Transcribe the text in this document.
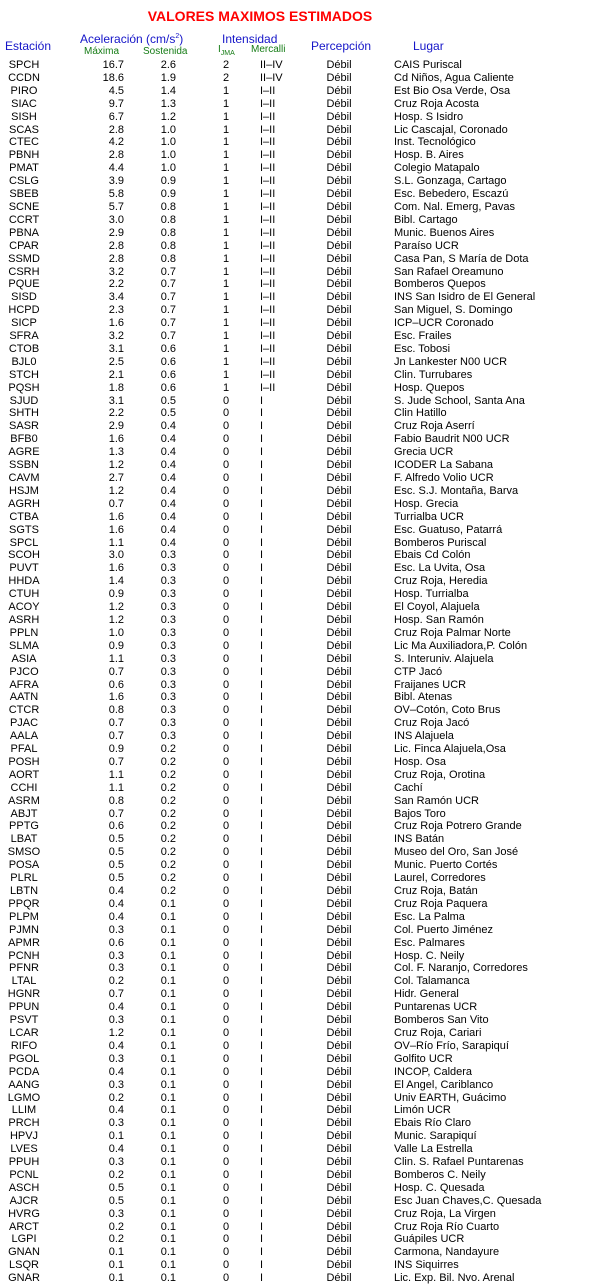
VALORES MAXIMOS ESTIMADOS
Estación Aceleración $(cm/s^2)$
Máxima Sostenida
Intensidad
$I_{JMA}$ Mercalli Percepción	Lugar
SPCH	16.7	2.6	2	II–IV	Débil	CAIS Puriscal
CCDN	18.6	1.9	2	II–IV	Débil	Cd Niños, Agua Caliente
PIRO	4.5	1.4	1	I–II	Débil	Est Bio Osa Verde, Osa
SIAC	9.7	1.3	1	I–II	Débil	Cruz Roja Acosta
SISH	6.7	1.2	1	I–II	Débil	Hosp. S Isidro
SCAS	2.8	1.0	1	I–II	Débil	Lic Cascajal, Coronado
CTEC	4.2	1.0	1	I–II	Débil	Inst. Tecnológico
PBNH	2.8	1.0	1	I–II	Débil	Hosp. B. Aires
PMAT	4.4	1.0	1	I–II	Débil	Colegio Matapalo
CSLG	3.9	0.9	1	I–II	Débil	S.L. Gonzaga, Cartago
SBEB	5.8	0.9	1	I–II	Débil	Esc. Bebedero, Escazú
SCNE	5.7	0.8	1	I–II	Débil	Com. Nal. Emerg, Pavas
CCRT	3.0	0.8	1	I–II	Débil	Bibl. Cartago
PBNA	2.9	0.8	1	I–II	Débil	Munic. Buenos Aires
CPAR	2.8	0.8	1	I–II	Débil	Paraíso UCR
SSMD	2.8	0.8	1	I–II	Débil	Casa Pan, S María de Dota
CSRH	3.2	0.7	1	I–II	Débil	San Rafael Oreamuno
PQUE	2.2	0.7	1	I–II	Débil	Bomberos Quepos
SISD	3.4	0.7	1	I–II	Débil	INS San Isidro de El General
HCPD	2.3	0.7	1	I–II	Débil	San Miguel, S. Domingo
SICP	1.6	0.7	1	I–II	Débil	ICP–UCR Coronado
SFRA	3.2	0.7	1	I–II	Débil	Esc. Frailes
CTOB	3.1	0.6	1	I–II	Débil	Esc. Tobosi
BJL0	2.5	0.6	1	I–II	Débil	Jn Lankester N00 UCR
STCH	2.1	0.6	1	I–II	Débil	Clin. Turrubares
PQSH	1.8	0.6	1	I–II	Débil	Hosp. Quepos
SJUD	3.1	0.5	0	I	Débil	S. Jude School, Santa Ana
SHTH	2.2	0.5	0	I	Débil	Clin Hatillo
SASR	2.9	0.4	0	I	Débil	Cruz Roja Aserrí
BFB0	1.6	0.4	0	I	Débil	Fabio Baudrit N00 UCR
AGRE	1.3	0.4	0	I	Débil	Grecia UCR
SSBN	1.2	0.4	0	I	Débil	ICODER La Sabana
CAVM	2.7	0.4	0	I	Débil	F. Alfredo Volio UCR
HSJM	1.2	0.4	0	I	Débil	Esc. S.J. Montaña, Barva
AGRH	0.7	0.4	0	I	Débil	Hosp. Grecia
CTBA	1.6	0.4	0	I	Débil	Turrialba UCR
SGTS	1.6	0.4	0	I	Débil	Esc. Guatuso, Patarrá
SPCL	1.1	0.4	0	I	Débil	Bomberos Puriscal
SCOH	3.0	0.3	0	I	Débil	Ebais Cd Colón
PUVT	1.6	0.3	0	I	Débil	Esc. La Uvita, Osa
HHDA	1.4	0.3	0	I	Débil	Cruz Roja, Heredia
CTUH	0.9	0.3	0	I	Débil	Hosp. Turrialba
ACOY	1.2	0.3	0	I	Débil	El Coyol, Alajuela
ASRH	1.2	0.3	0	I	Débil	Hosp. San Ramón
PPLN	1.0	0.3	0	I	Débil	Cruz Roja Palmar Norte
SLMA	0.9	0.3	0	I	Débil	Lic Ma Auxiliadora,P. Colón
ASIA	1.1	0.3	0	I	Débil	S. Interuniv. Alajuela
PJCO	0.7	0.3	0	I	Débil	CTP Jacó
AFRA	0.6	0.3	0	I	Débil	Fraijanes UCR
AATN	1.6	0.3	0	I	Débil	Bibl. Atenas
CTCR	0.8	0.3	0	I	Débil	OV–Cotón, Coto Brus
PJAC	0.7	0.3	0	I	Débil	Cruz Roja Jacó
AALA	0.7	0.3	0	I	Débil	INS Alajuela
PFAL	0.9	0.2	0	I	Débil	Lic. Finca Alajuela,Osa
POSH	0.7	0.2	0	I	Débil	Hosp. Osa
AORT	1.1	0.2	0	I	Débil	Cruz Roja, Orotina
CCHI	1.1	0.2	0	I	Débil	Cachí
ASRM	0.8	0.2	0	I	Débil	San Ramón UCR
ABJT	0.7	0.2	0	I	Débil	Bajos Toro
PPTG	0.6	0.2	0	I	Débil	Cruz Roja Potrero Grande
LBAT	0.5	0.2	0	I	Débil	INS Batán
SMSO	0.5	0.2	0	I	Débil	Museo del Oro, San José
POSA	0.5	0.2	0	I	Débil	Munic. Puerto Cortés
PLRL	0.5	0.2	0	I	Débil	Laurel, Corredores
LBTN	0.4	0.2	0	I	Débil	Cruz Roja, Batán
PPQR	0.4	0.1	0	I	Débil	Cruz Roja Paquera
PLPM	0.4	0.1	0	I	Débil	Esc. La Palma
PJMN	0.3	0.1	0	I	Débil	Col. Puerto Jiménez
APMR	0.6	0.1	0	I	Débil	Esc. Palmares
PCNH	0.3	0.1	0	I	Débil	Hosp. C. Neily
PFNR	0.3	0.1	0	I	Débil	Col. F. Naranjo, Corredores
LTAL	0.2	0.1	0	I	Débil	Col. Talamanca
HGNR	0.7	0.1	0	I	Débil	Hidr. General
PPUN	0.4	0.1	0	I	Débil	Puntarenas UCR
PSVT	0.3	0.1	0	I	Débil	Bomberos San Vito
LCAR	1.2	0.1	0	I	Débil	Cruz Roja, Cariari
RIFO	0.4	0.1	0	I	Débil	OV–Río Frío, Sarapiquí
PGOL	0.3	0.1	0	I	Débil	Golfito UCR
PCDA	0.4	0.1	0	I	Débil	INCOP, Caldera
AANG	0.3	0.1	0	I	Débil	El Angel, Cariblanco
LGMO	0.2	0.1	0	I	Débil	Univ EARTH, Guácimo
LLIM	0.4	0.1	0	I	Débil	Limón UCR
PRCH	0.3	0.1	0	I	Débil	Ebais Río Claro
HPVJ	0.1	0.1	0	I	Débil	Munic. Sarapiquí
LVES	0.4	0.1	0	I	Débil	Valle La Estrella
PPUH	0.3	0.1	0	I	Débil	Clin. S. Rafael Puntarenas
PCNL	0.2	0.1	0	I	Débil	Bomberos C. Neily
ASCH	0.5	0.1	0	I	Débil	Hosp. C. Quesada
AJCR	0.5	0.1	0	I	Débil	Esc Juan Chaves,C. Quesada
HVRG	0.3	0.1	0	I	Débil	Cruz Roja, La Virgen
ARCT	0.2	0.1	0	I	Débil	Cruz Roja Río Cuarto
LGPI	0.2	0.1	0	I	Débil	Guápiles UCR
GNAN	0.1	0.1	0	I	Débil	Carmona, Nandayure
LSQR	0.1	0.1	0	I	Débil	INS Siquirres
GNAR	0.1	0.1	0	I	Débil	Lic. Exp. Bil. Nvo. Arenal
